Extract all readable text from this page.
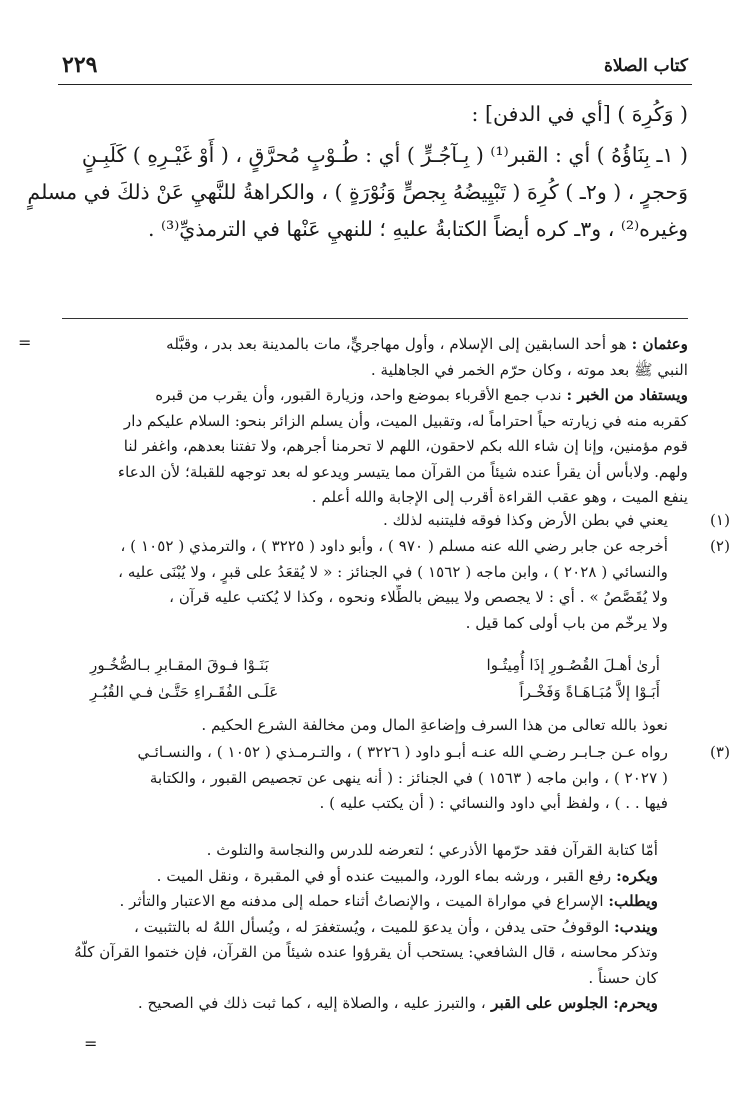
كتاب الصلاة
٢٢٩

( وَكُرِهَ ) [أي في الدفن] :

( ١ـ بِنَاؤُهُ ) أي : القبر⁽¹⁾ ( بِـآجُـرٍّ ) أي : طُـوْبٍ مُحرَّقٍ ، ( أَوْ غَيْـرِهِ ) كَلَبِـنٍ

وَحجرٍ ، ( و٢ـ ) كُرِهَ ( تَبْيِيضُهُ بِجصٍّ وَنُوْرَةٍ ) ، والكراهةُ للنَّهيِ عَنْ ذلكَ في مسلمٍ

وغيره⁽²⁾ ، و٣ـ كره أيضاً الكتابةُ عليهِ ؛ للنهيِ عَنْها في الترمذيِّ⁽³⁾ .

=	وعثمان : هو أحد السابقين إلى الإسلام ، وأول مهاجريٍّ، مات بالمدينة بعد بدر ، وقبَّله
النبي ﷺ بعد موته ، وكان حرّم الخمر في الجاهلية .
ويستفاد من الخبر : ندب جمع الأقرباء بموضع واحد، وزيارة القبور، وأن يقرب من قبره
كقربه منه في زيارته حياً احتراماً له، وتقبيل الميت، وأن يسلم الزائر بنحو: السلام عليكم دار
قوم مؤمنين، وإنا إن شاء الله بكم لاحقون، اللهم لا تحرمنا أجرهم، ولا تفتنا بعدهم، واغفر لنا
ولهم. ولابأس أن يقرأ عنده شيئاً من القرآن مما يتيسر ويدعو له بعد توجهه للقبلة؛ لأن الدعاء
ينفع الميت ، وهو عقب القراءة أقرب إلى الإجابة والله أعلم .
(١)
يعني في بطن الأرض وكذا فوقه فليتنبه لذلك .
(٢)
أخرجه عن جابر رضي الله عنه مسلم ( ٩٧٠ ) ، وأبو داود ( ٣٢٢٥ ) ، والترمذي ( ١٠٥٢ ) ،
والنسائي ( ٢٠٢٨ ) ، وابن ماجه ( ١٥٦٢ ) في الجنائز : « لا يُقعَدُ على قبرٍ ، ولا يُبْنَى عليه ،
ولا يُقَصَّصُ » . أي : لا يجصص ولا يبيض بالطِّلاء ونحوه ، وكذا لا يُكتب عليه قرآن ،
ولا يرخّم من باب أولى كما قيل .
أرىٰ أهـلَ القُصُـورِ إذَا أُمِيتُـوا
بَنَـوْا فـوقَ المقـابرِ بـالصُّخُـورِ
أَبَـوْا إلاَّ مُبَـاهَـاةً وَفَخْـراً
عَلَـى الفُقَـراءِ حَتَّـىٰ فـي القُبُـرِ
نعوذ بالله تعالى من هذا السرف وإضاعةِ المال ومن مخالفة الشرع الحكيم .
(٣)
رواه عـن جـابـر رضـي الله عنـه أبـو داود ( ٣٢٢٦ ) ، والتـرمـذي ( ١٠٥٢ ) ، والنسـائـي
( ٢٠٢٧ ) ، وابن ماجه ( ١٥٦٣ ) في الجنائز : ( أنه ينهى عن تجصيص القبور ، والكتابة
فيها . . ) ، ولفظ أبي داود والنسائي : ( أن يكتب عليه ) .
أمّا كتابة القرآن فقد حرّمها الأذرعي ؛ لتعرضه للدرس والنجاسة والتلوث .
ويكره: رفع القبر ، ورشه بماء الورد، والمبيت عنده أو في المقبرة ، ونقل الميت .
ويطلب: الإسراع في مواراة الميت ، والإنصاتُ أثناء حمله إلى مدفنه مع الاعتبار والتأثر .
ويندب: الوقوفُ حتى يدفن ، وأن يدعوَ للميت ، ويُستغفرَ له ، ويُسأل اللهُ له بالتثبيت ،
وتذكر محاسنه ، قال الشافعي: يستحب أن يقرؤوا عنده شيئاً من القرآن، فإن ختموا القرآن كلَّهُ
كان حسناً .
ويحرم: الجلوس على القبر ، والتبرز عليه ، والصلاة إليه ، كما ثبت ذلك في الصحيح .
=
